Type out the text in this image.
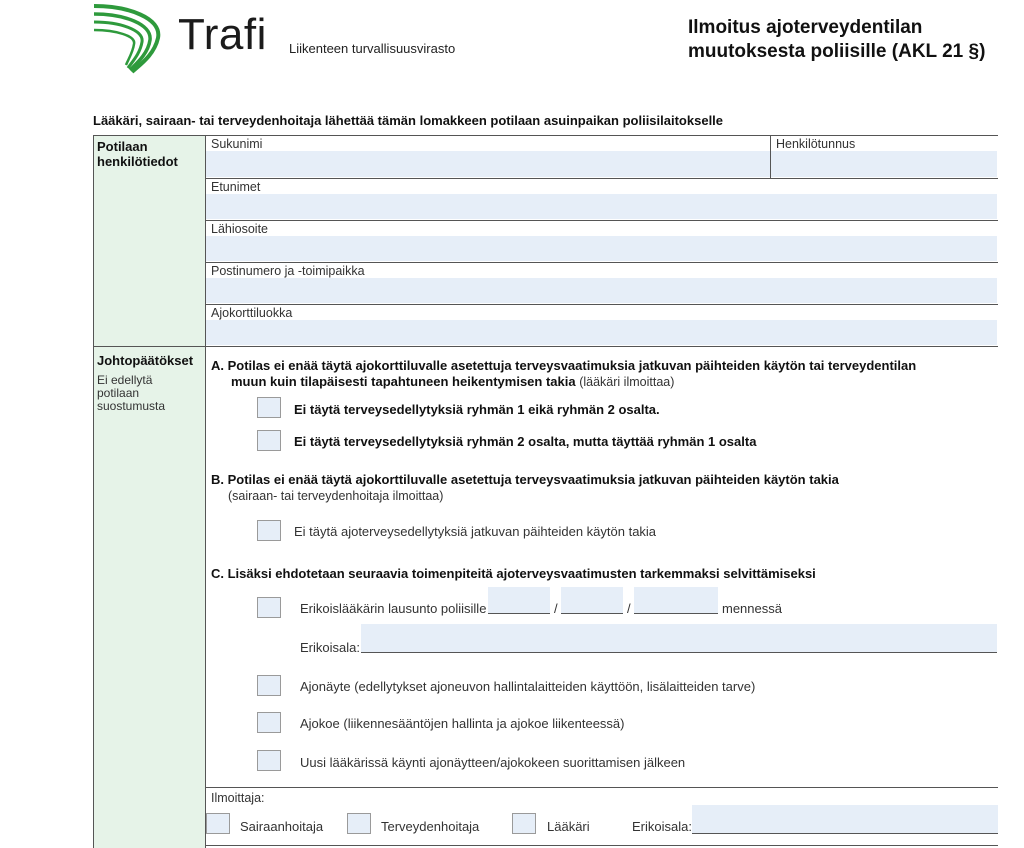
Trafi Liikenteen turvallisuusvirasto
Ilmoitus ajoterveydentilan
muutoksesta poliisille (AKL 21 §)
Lääkäri, sairaan- tai terveydenhoitaja lähettää tämän lomakkeen potilaan asuinpaikan poliisilaitokselle
Potilaan
henkilötiedot
Sukunimi	Henkilötunnus
Etunimet
Lähiosoite
Postinumero ja -toimipaikka
Ajokorttiluokka
Johtopäätökset
Ei edellytä
potilaan
suostumusta
A. Potilas ei enää täytä ajokorttiluvalle asetettuja terveysvaatimuksia jatkuvan päihteiden käytön tai terveydentilan
muun kuin tilapäisesti tapahtuneen heikentymisen takia (lääkäri ilmoittaa)
Ei täytä terveysedellytyksiä ryhmän 1 eikä ryhmän 2 osalta.
Ei täytä terveysedellytyksiä ryhmän 2 osalta, mutta täyttää ryhmän 1 osalta
B. Potilas ei enää täytä ajokorttiluvalle asetettuja terveysvaatimuksia jatkuvan päihteiden käytön takia
(sairaan- tai terveydenhoitaja ilmoittaa)
Ei täytä ajoterveysedellytyksiä jatkuvan päihteiden käytön takia
C. Lisäksi ehdotetaan seuraavia toimenpiteitä ajoterveysvaatimusten tarkemmaksi selvittämiseksi
Erikoislääkärin lausunto poliisille	/	/	mennessä
Erikoisala:
Ajonäyte (edellytykset ajoneuvon hallintalaitteiden käyttöön, lisälaitteiden tarve)
Ajokoe (liikennesääntöjen hallinta ja ajokoe liikenteessä)
Uusi lääkärissä käynti ajonäytteen/ajokokeen suorittamisen jälkeen
Ilmoittaja:
Sairaanhoitaja	Terveydenhoitaja	Lääkäri	Erikoisala:
